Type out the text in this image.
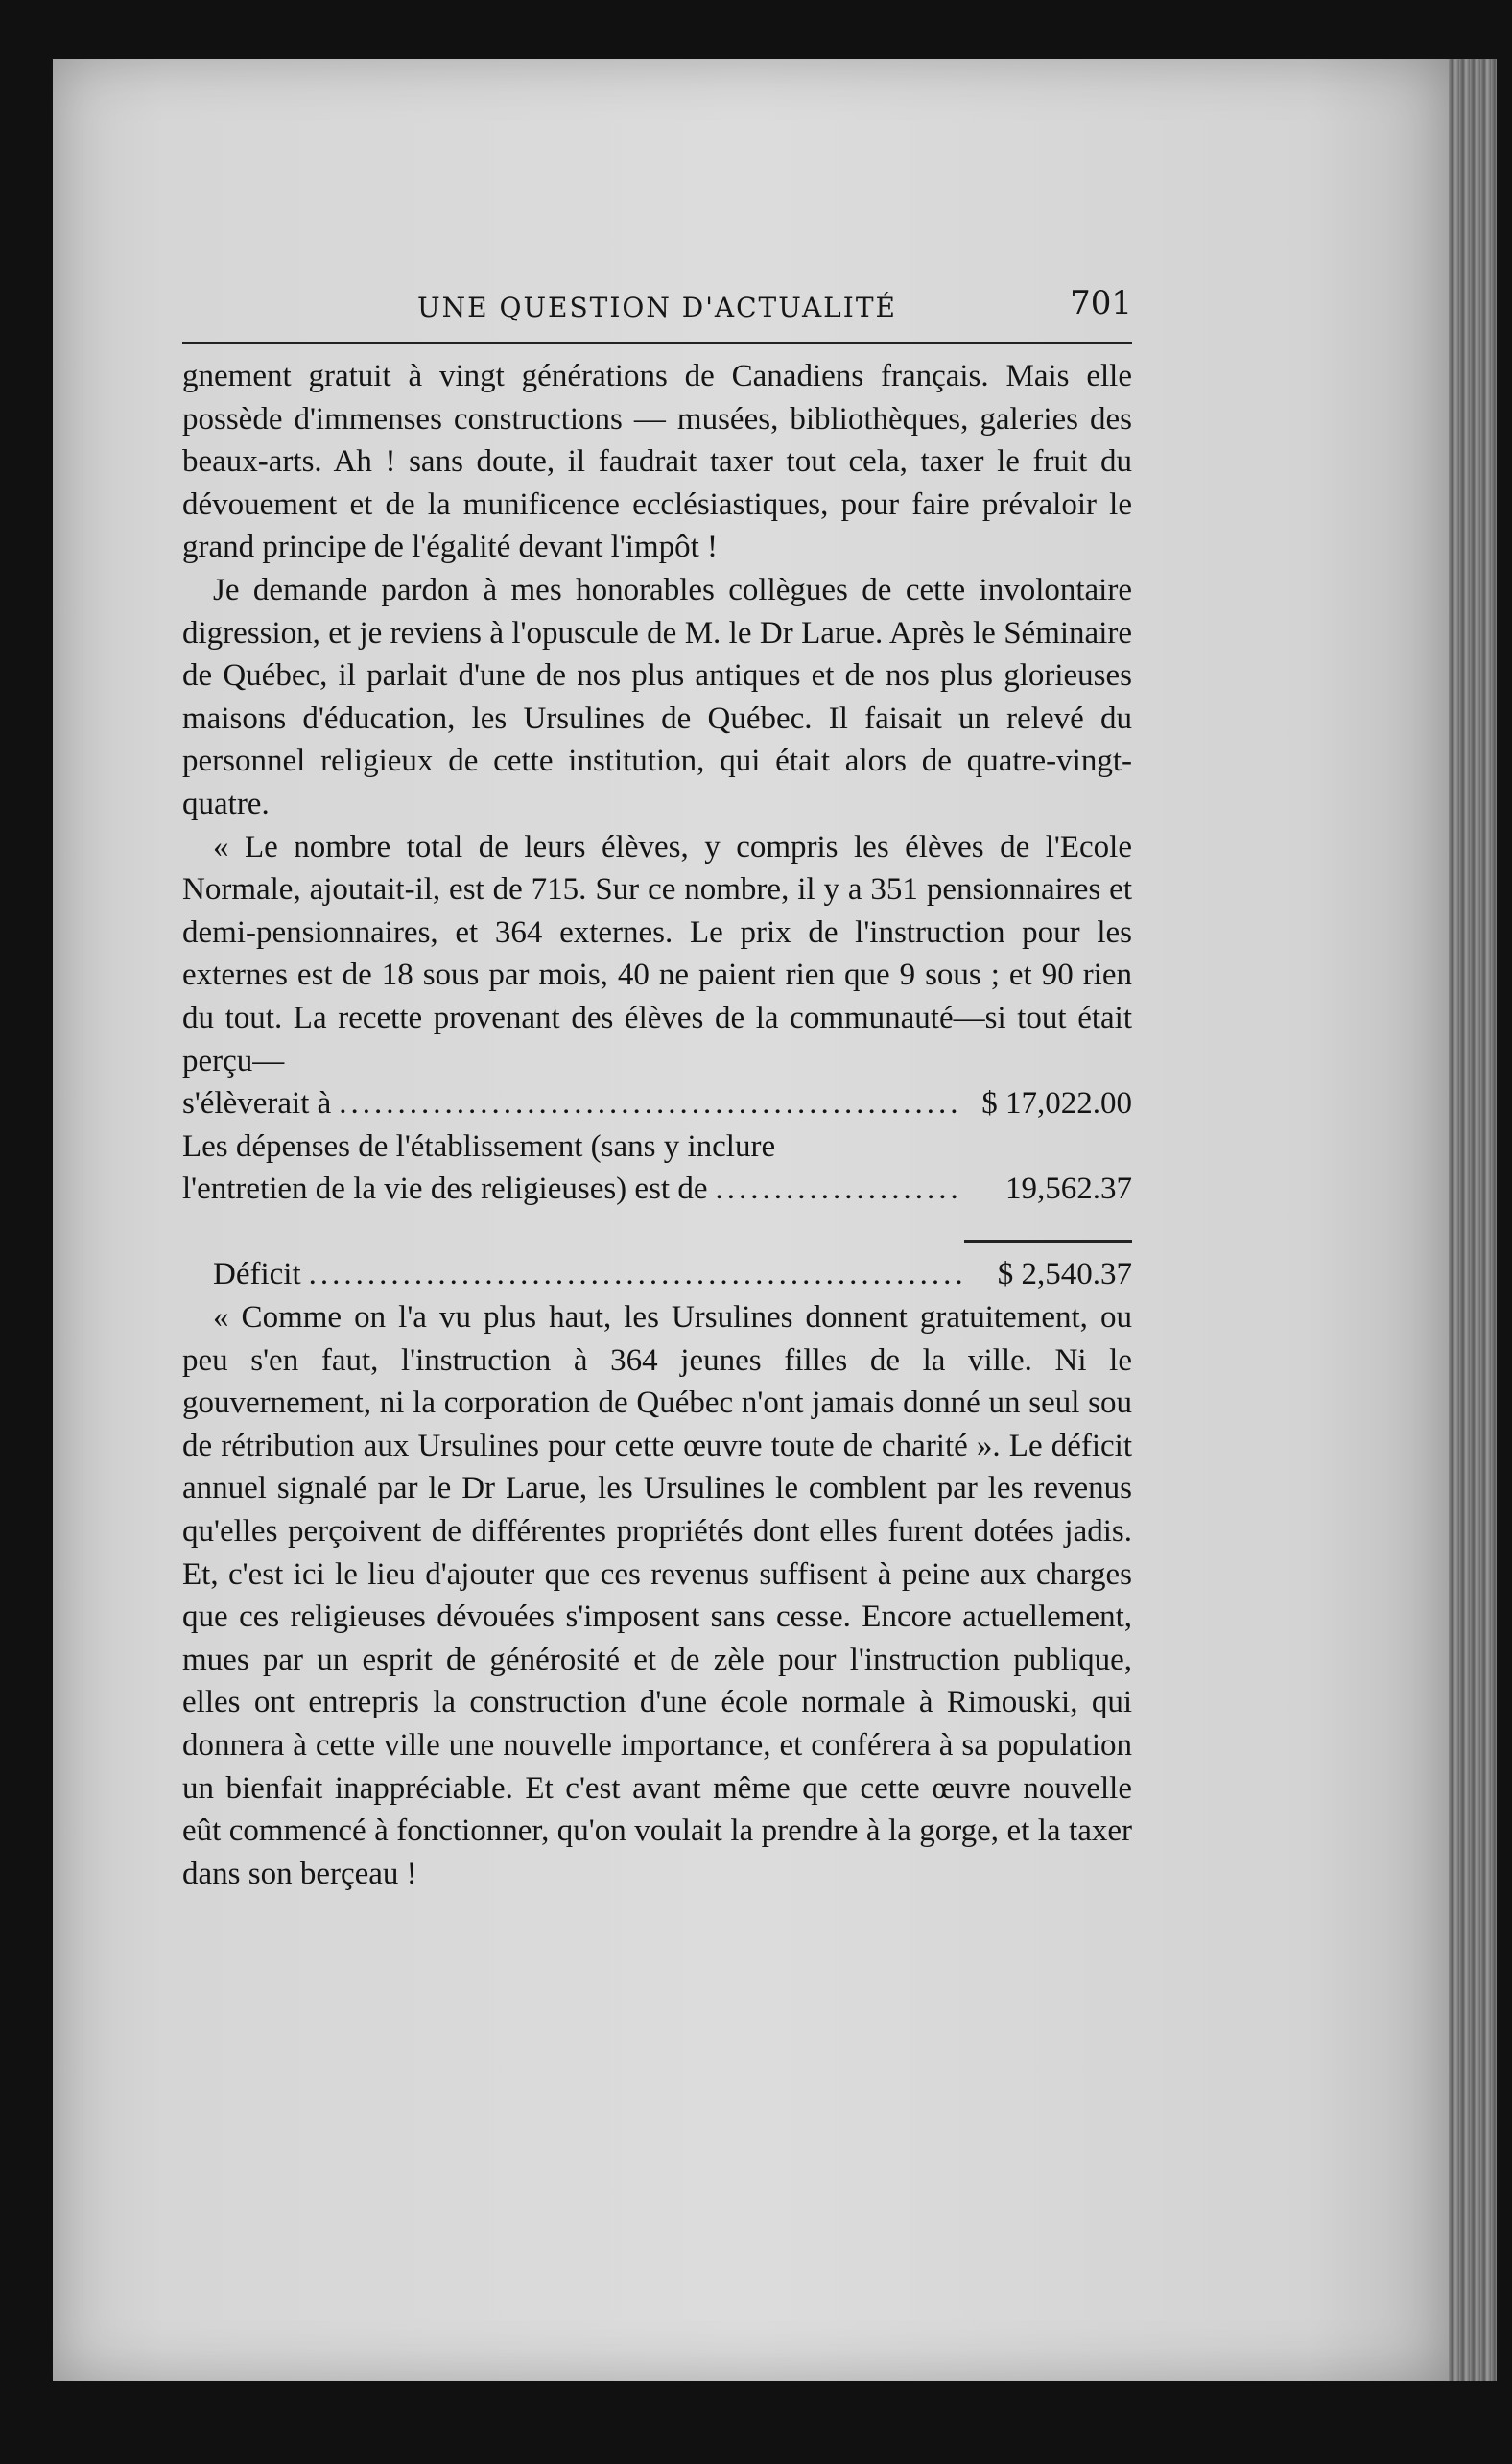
UNE QUESTION D'ACTUALITÉ	701

gnement gratuit à vingt générations de Canadiens français. Mais elle possède d'immenses constructions — musées, bibliothèques, galeries des beaux-arts. Ah ! sans doute, il faudrait taxer tout cela, taxer le fruit du dévouement et de la munificence ecclésiastiques, pour faire prévaloir le grand principe de l'égalité devant l'impôt !

Je demande pardon à mes honorables collègues de cette involontaire digression, et je reviens à l'opuscule de M. le Dr Larue. Après le Séminaire de Québec, il parlait d'une de nos plus antiques et de nos plus glorieuses maisons d'éducation, les Ursulines de Québec. Il faisait un relevé du personnel religieux de cette institution, qui était alors de quatre-vingt-quatre.

« Le nombre total de leurs élèves, y compris les élèves de l'Ecole Normale, ajoutait-il, est de 715. Sur ce nombre, il y a 351 pensionnaires et demi-pensionnaires, et 364 externes. Le prix de l'instruction pour les externes est de 18 sous par mois, 40 ne paient rien que 9 sous ; et 90 rien du tout. La recette provenant des élèves de la communauté—si tout était perçu—

s'élèverait à .....	$ 17,022.00
Les dépenses de l'établissement (sans y inclure
l'entretien de la vie des religieuses) est de .....	19,562.37
Déficit .....	$ 2,540.37

« Comme on l'a vu plus haut, les Ursulines donnent gratuitement, ou peu s'en faut, l'instruction à 364 jeunes filles de la ville. Ni le gouvernement, ni la corporation de Québec n'ont jamais donné un seul sou de rétribution aux Ursulines pour cette œuvre toute de charité ». Le déficit annuel signalé par le Dr Larue, les Ursulines le comblent par les revenus qu'elles perçoivent de différentes propriétés dont elles furent dotées jadis. Et, c'est ici le lieu d'ajouter que ces revenus suffisent à peine aux charges que ces religieuses dévouées s'imposent sans cesse. Encore actuellement, mues par un esprit de générosité et de zèle pour l'instruction publique, elles ont entrepris la construction d'une école normale à Rimouski, qui donnera à cette ville une nouvelle importance, et conférera à sa population un bienfait inappréciable. Et c'est avant même que cette œuvre nouvelle eût commencé à fonctionner, qu'on voulait la prendre à la gorge, et la taxer dans son berçeau !
